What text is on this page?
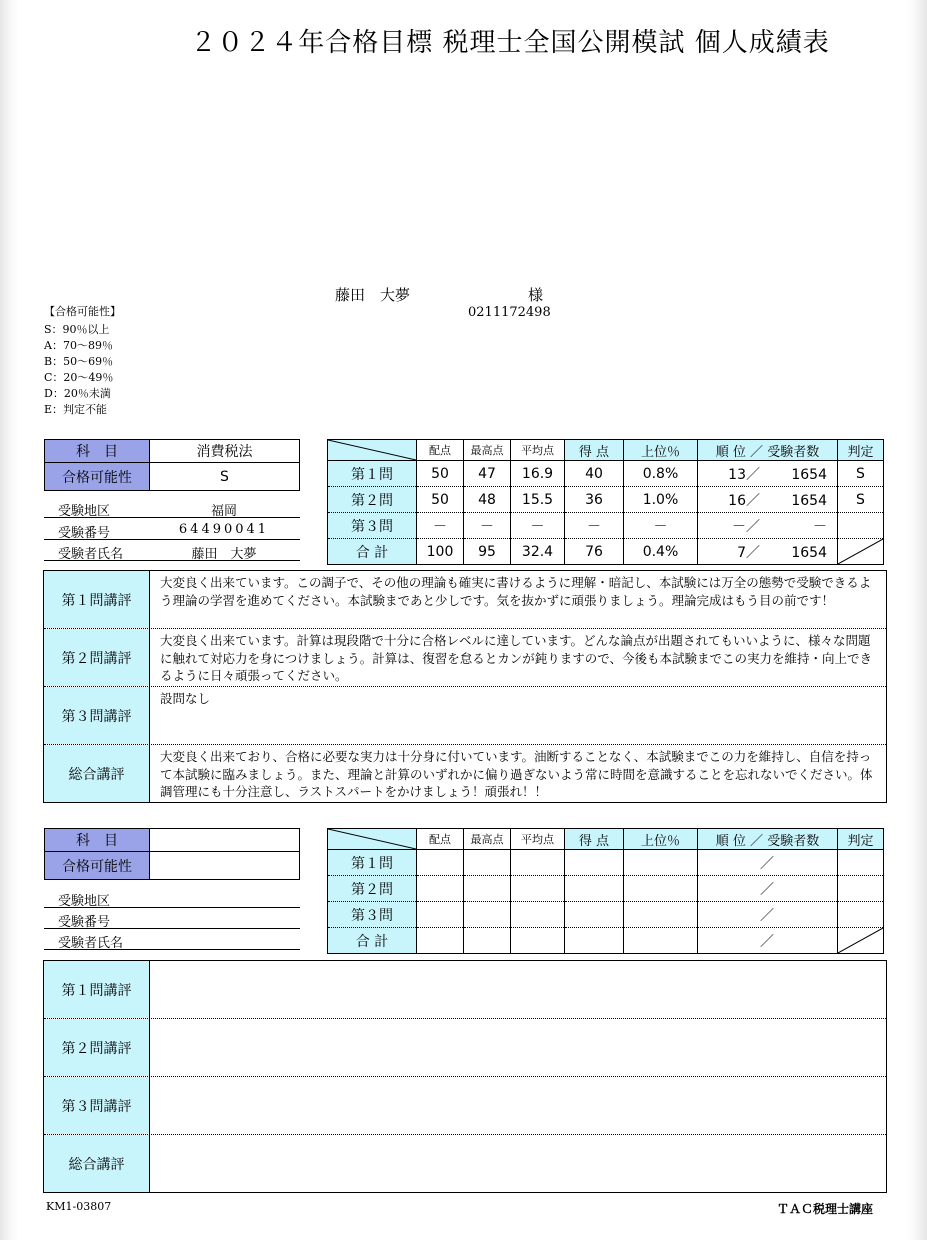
２０２４年合格目標 税理士全国公開模試 個人成績表
藤田　大夢	様
0211172498
【合格可能性】
S：90％以上
A：70～89％
B：50～69％
C：20～49％
D：20％未満
E：判定不能
科　目	消費税法
合格可能性	S
受験地区	福岡
受験番号	64490041
受験者氏名	藤田　大夢
	配点	最高点	平均点	得 点	上位％	順 位 ／ 受験者数	判定
第１問	50	47	16.9	40	0.8%	13／ 1654	S
第２問	50	48	15.5	36	1.0%	16／ 1654	S
第３問	－	－	－	－	－	－／ －	
合 計	100	95	32.4	76	0.4%	7／ 1654	
第１問講評
大変良く出来ています。この調子で、その他の理論も確実に書けるように理解・暗記し、本試験には万全の態勢で受験できるよう理論の学習を進めてください。本試験まであと少しです。気を抜かずに頑張りましょう。理論完成はもう目の前です！
第２問講評
大変良く出来ています。計算は現段階で十分に合格レベルに達しています。どんな論点が出題されてもいいように、様々な問題に触れて対応力を身につけましょう。計算は、復習を怠るとカンが鈍りますので、今後も本試験までこの実力を維持・向上できるように日々頑張ってください。
第３問講評
設問なし
総合講評
大変良く出来ており、合格に必要な実力は十分身に付いています。油断することなく、本試験までこの力を維持し、自信を持って本試験に臨みましょう。また、理論と計算のいずれかに偏り過ぎないよう常に時間を意識することを忘れないでください。体調管理にも十分注意し、ラストスパートをかけましょう！頑張れ！！
科　目	
合格可能性	
受験地区
受験番号
受験者氏名
	配点	最高点	平均点	得 点	上位％	順 位 ／ 受験者数	判定
第１問						／	
第２問						／	
第３問						／	
合 計						／	
第１問講評
第２問講評
第３問講評
総合講評
KM1‐03807	ＴＡＣ税理士講座
